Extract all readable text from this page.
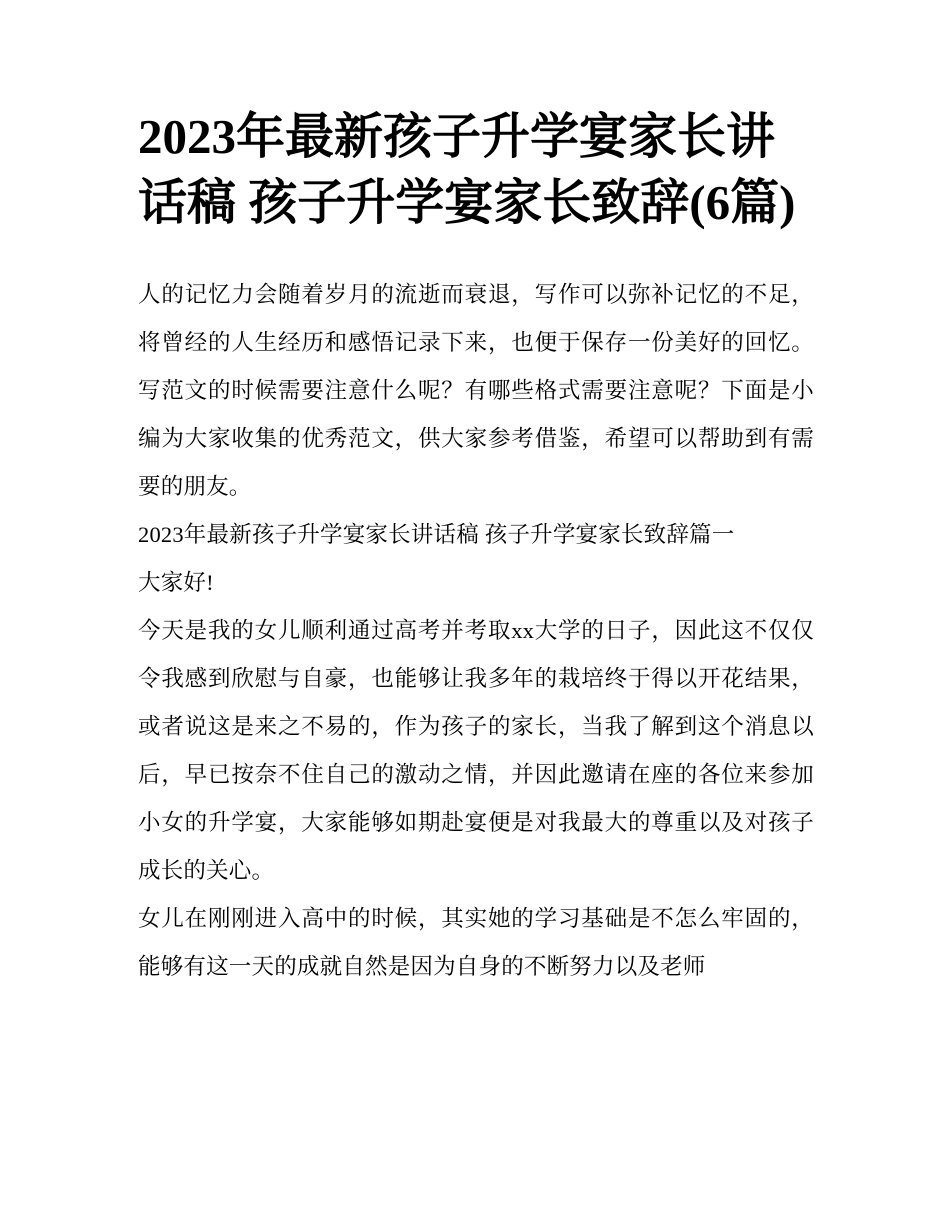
2023年最新孩子升学宴家长讲话稿 孩子升学宴家长致辞(6篇)

人的记忆力会随着岁月的流逝而衰退，写作可以弥补记忆的不足，将曾经的人生经历和感悟记录下来，也便于保存一份美好的回忆。写范文的时候需要注意什么呢？有哪些格式需要注意呢？下面是小编为大家收集的优秀范文，供大家参考借鉴，希望可以帮助到有需要的朋友。

2023年最新孩子升学宴家长讲话稿 孩子升学宴家长致辞篇一

大家好!

今天是我的女儿顺利通过高考并考取xx大学的日子，因此这不仅仅令我感到欣慰与自豪，也能够让我多年的栽培终于得以开花结果，或者说这是来之不易的，作为孩子的家长，当我了解到这个消息以后，早已按奈不住自己的激动之情，并因此邀请在座的各位来参加小女的升学宴，大家能够如期赴宴便是对我最大的尊重以及对孩子成长的关心。

女儿在刚刚进入高中的时候，其实她的学习基础是不怎么牢固的，能够有这一天的成就自然是因为自身的不断努力以及老师
